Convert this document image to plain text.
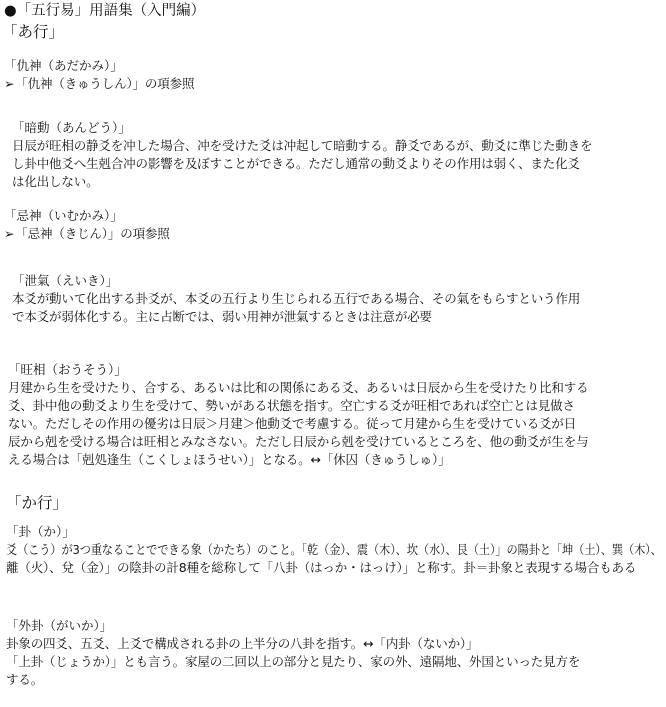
●「五行易」用語集（入門編）
「あ行」
「仇神（あだかみ）」
➢「仇神（きゅうしん）」の項参照
「暗動（あんどう）」
日辰が旺相の静爻を冲した場合、冲を受けた爻は冲起して暗動する。静爻であるが、動爻に準じた動きを
し卦中他爻へ生剋合冲の影響を及ぼすことができる。ただし通常の動爻よりその作用は弱く、また化爻
は化出しない。
「忌神（いむかみ）」
➢「忌神（きじん）」の項参照
「泄氣（えいき）」
本爻が動いて化出する卦爻が、本爻の五行より生じられる五行である場合、その氣をもらすという作用
で本爻が弱体化する。主に占断では、弱い用神が泄氣するときは注意が必要
「旺相（おうそう）」
月建から生を受けたり、合する、あるいは比和の関係にある爻、あるいは日辰から生を受けたり比和する
爻、卦中他の動爻より生を受けて、勢いがある状態を指す。空亡する爻が旺相であれば空亡とは見做さ
ない。ただしその作用の優劣は日辰＞月建＞他動爻で考慮する。従って月建から生を受けている爻が日
辰から剋を受ける場合は旺相とみなさない。ただし日辰から剋を受けているところを、他の動爻が生を与
える場合は「剋処逢生（こくしょほうせい）」となる。↔「休囚（きゅうしゅ）」
「か行」
「卦（か）」
爻（こう）が3つ重なることでできる象（かたち）のこと。「乾（金）、震（木）、坎（水）、艮（土）」の陽卦と「坤（土）、巽（木）、
離（火）、兌（金）」の陰卦の計8種を総称して「八卦（はっか・はっけ）」と称す。卦＝卦象と表現する場合もある
「外卦（がいか）」
卦象の四爻、五爻、上爻で構成される卦の上半分の八卦を指す。↔「内卦（ないか）」
「上卦（じょうか）」とも言う。家屋の二回以上の部分と見たり、家の外、遠隔地、外国といった見方を
する。
